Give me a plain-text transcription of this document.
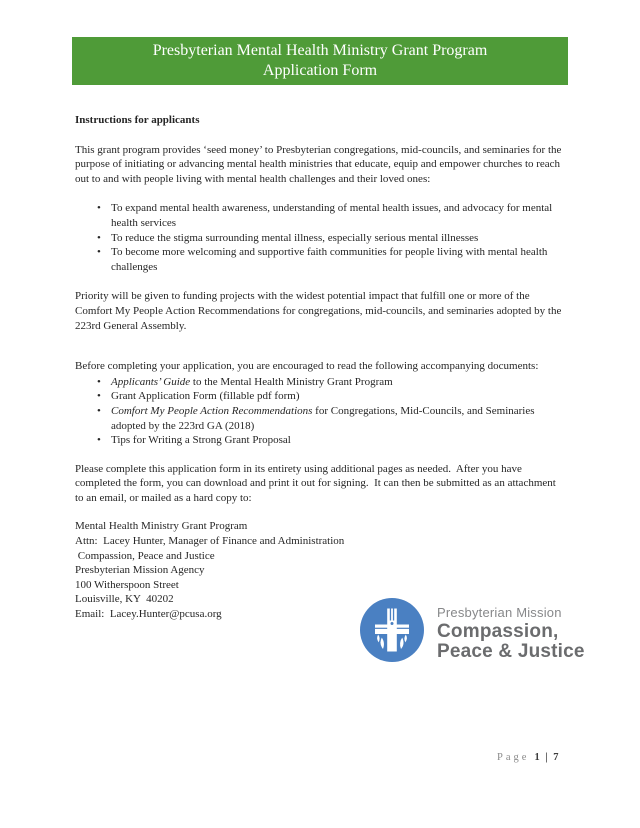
Presbyterian Mental Health Ministry Grant Program
Application Form
Instructions for applicants

This grant program provides ‘seed money’ to Presbyterian congregations, mid-councils, and seminaries for the purpose of initiating or advancing mental health ministries that educate, equip and empower churches to reach out to and with people living with mental health challenges and their loved ones:

• To expand mental health awareness, understanding of mental health issues, and advocacy for mental health services
• To reduce the stigma surrounding mental illness, especially serious mental illnesses
• To become more welcoming and supportive faith communities for people living with mental health challenges

Priority will be given to funding projects with the widest potential impact that fulfill one or more of the Comfort My People Action Recommendations for congregations, mid-councils, and seminaries adopted by the 223rd General Assembly.

Before completing your application, you are encouraged to read the following accompanying documents:

• Applicants’ Guide to the Mental Health Ministry Grant Program
• Grant Application Form (fillable pdf form)
• Comfort My People Action Recommendations for Congregations, Mid-Councils, and Seminaries adopted by the 223rd GA (2018)
• Tips for Writing a Strong Grant Proposal

Please complete this application form in its entirety using additional pages as needed.  After you have completed the form, you can download and print it out for signing.  It can then be submitted as an attachment to an email, or mailed as a hard copy to:

Mental Health Ministry Grant Program
Attn:  Lacey Hunter, Manager of Finance and Administration
Compassion, Peace and Justice
Presbyterian Mission Agency
100 Witherspoon Street
Louisville, KY  40202
Email:  Lacey.Hunter@pcusa.org	Presbyterian Mission
Compassion,
Peace & Justice
Page 1 | 7
